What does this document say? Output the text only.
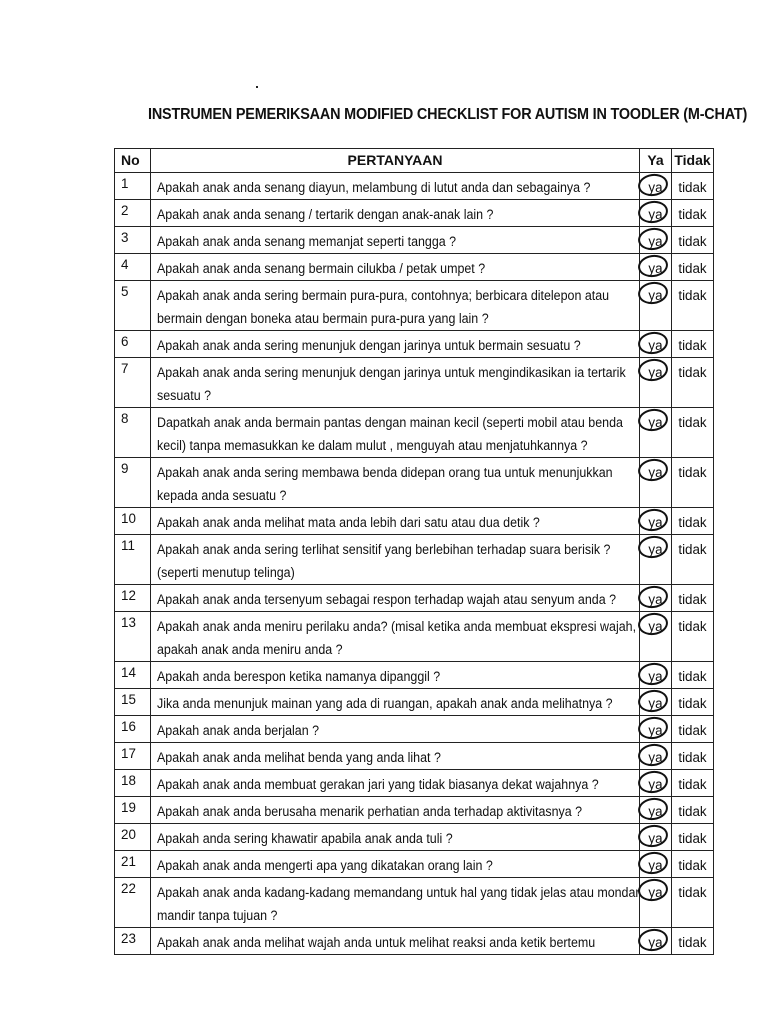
INSTRUMEN PEMERIKSAAN MODIFIED CHECKLIST FOR AUTISM IN TOODLER (M-CHAT)
No	PERTANYAAN	Ya	Tidak
1	Apakah anak anda senang diayun, melambung di lutut anda dan sebagainya ?	ya	tidak
2	Apakah anak anda senang / tertarik dengan anak-anak lain ?	ya	tidak
3	Apakah anak anda senang memanjat seperti tangga ?	ya	tidak
4	Apakah anak anda senang bermain cilukba / petak umpet ?	ya	tidak
5	Apakah anak anda sering bermain pura-pura, contohnya; berbicara ditelepon atau
bermain dengan boneka atau bermain pura-pura yang lain ?	ya	tidak
6	Apakah anak anda sering menunjuk dengan jarinya untuk bermain sesuatu ?	ya	tidak
7	Apakah anak anda sering menunjuk dengan jarinya untuk mengindikasikan ia tertarik
sesuatu ?	ya	tidak
8	Dapatkah anak anda bermain pantas dengan mainan kecil (seperti mobil atau benda
kecil) tanpa memasukkan ke dalam mulut , menguyah atau menjatuhkannya ?	ya	tidak
9	Apakah anak anda sering membawa benda didepan orang tua untuk menunjukkan
kepada anda sesuatu ?	ya	tidak
10	Apakah anak anda melihat mata anda lebih dari satu atau dua detik ?	ya	tidak
11	Apakah anak anda sering terlihat sensitif yang berlebihan terhadap suara berisik ?
(seperti menutup telinga)	ya	tidak
12	Apakah anak anda tersenyum sebagai respon terhadap wajah atau senyum anda ?	ya	tidak
13	Apakah anak anda meniru perilaku anda? (misal ketika anda membuat ekspresi wajah,
apakah anak anda meniru anda ?	ya	tidak
14	Apakah anda berespon ketika namanya dipanggil ?	ya	tidak
15	Jika anda menunjuk mainan yang ada di ruangan, apakah anak anda melihatnya ?	ya	tidak
16	Apakah anak anda berjalan ?	ya	tidak
17	Apakah anak anda melihat benda yang anda lihat ?	ya	tidak
18	Apakah anak anda membuat gerakan jari yang tidak biasanya dekat wajahnya ?	ya	tidak
19	Apakah anak anda berusaha menarik perhatian anda terhadap aktivitasnya ?	ya	tidak
20	Apakah anda sering khawatir apabila anak anda tuli ?	ya	tidak
21	Apakah anak anda mengerti apa yang dikatakan orang lain ?	ya	tidak
22	Apakah anak anda kadang-kadang memandang untuk hal yang tidak jelas atau mondar
mandir tanpa tujuan ?	ya	tidak
23	Apakah anak anda melihat wajah anda untuk melihat reaksi anda ketik bertemu	ya	tidak
